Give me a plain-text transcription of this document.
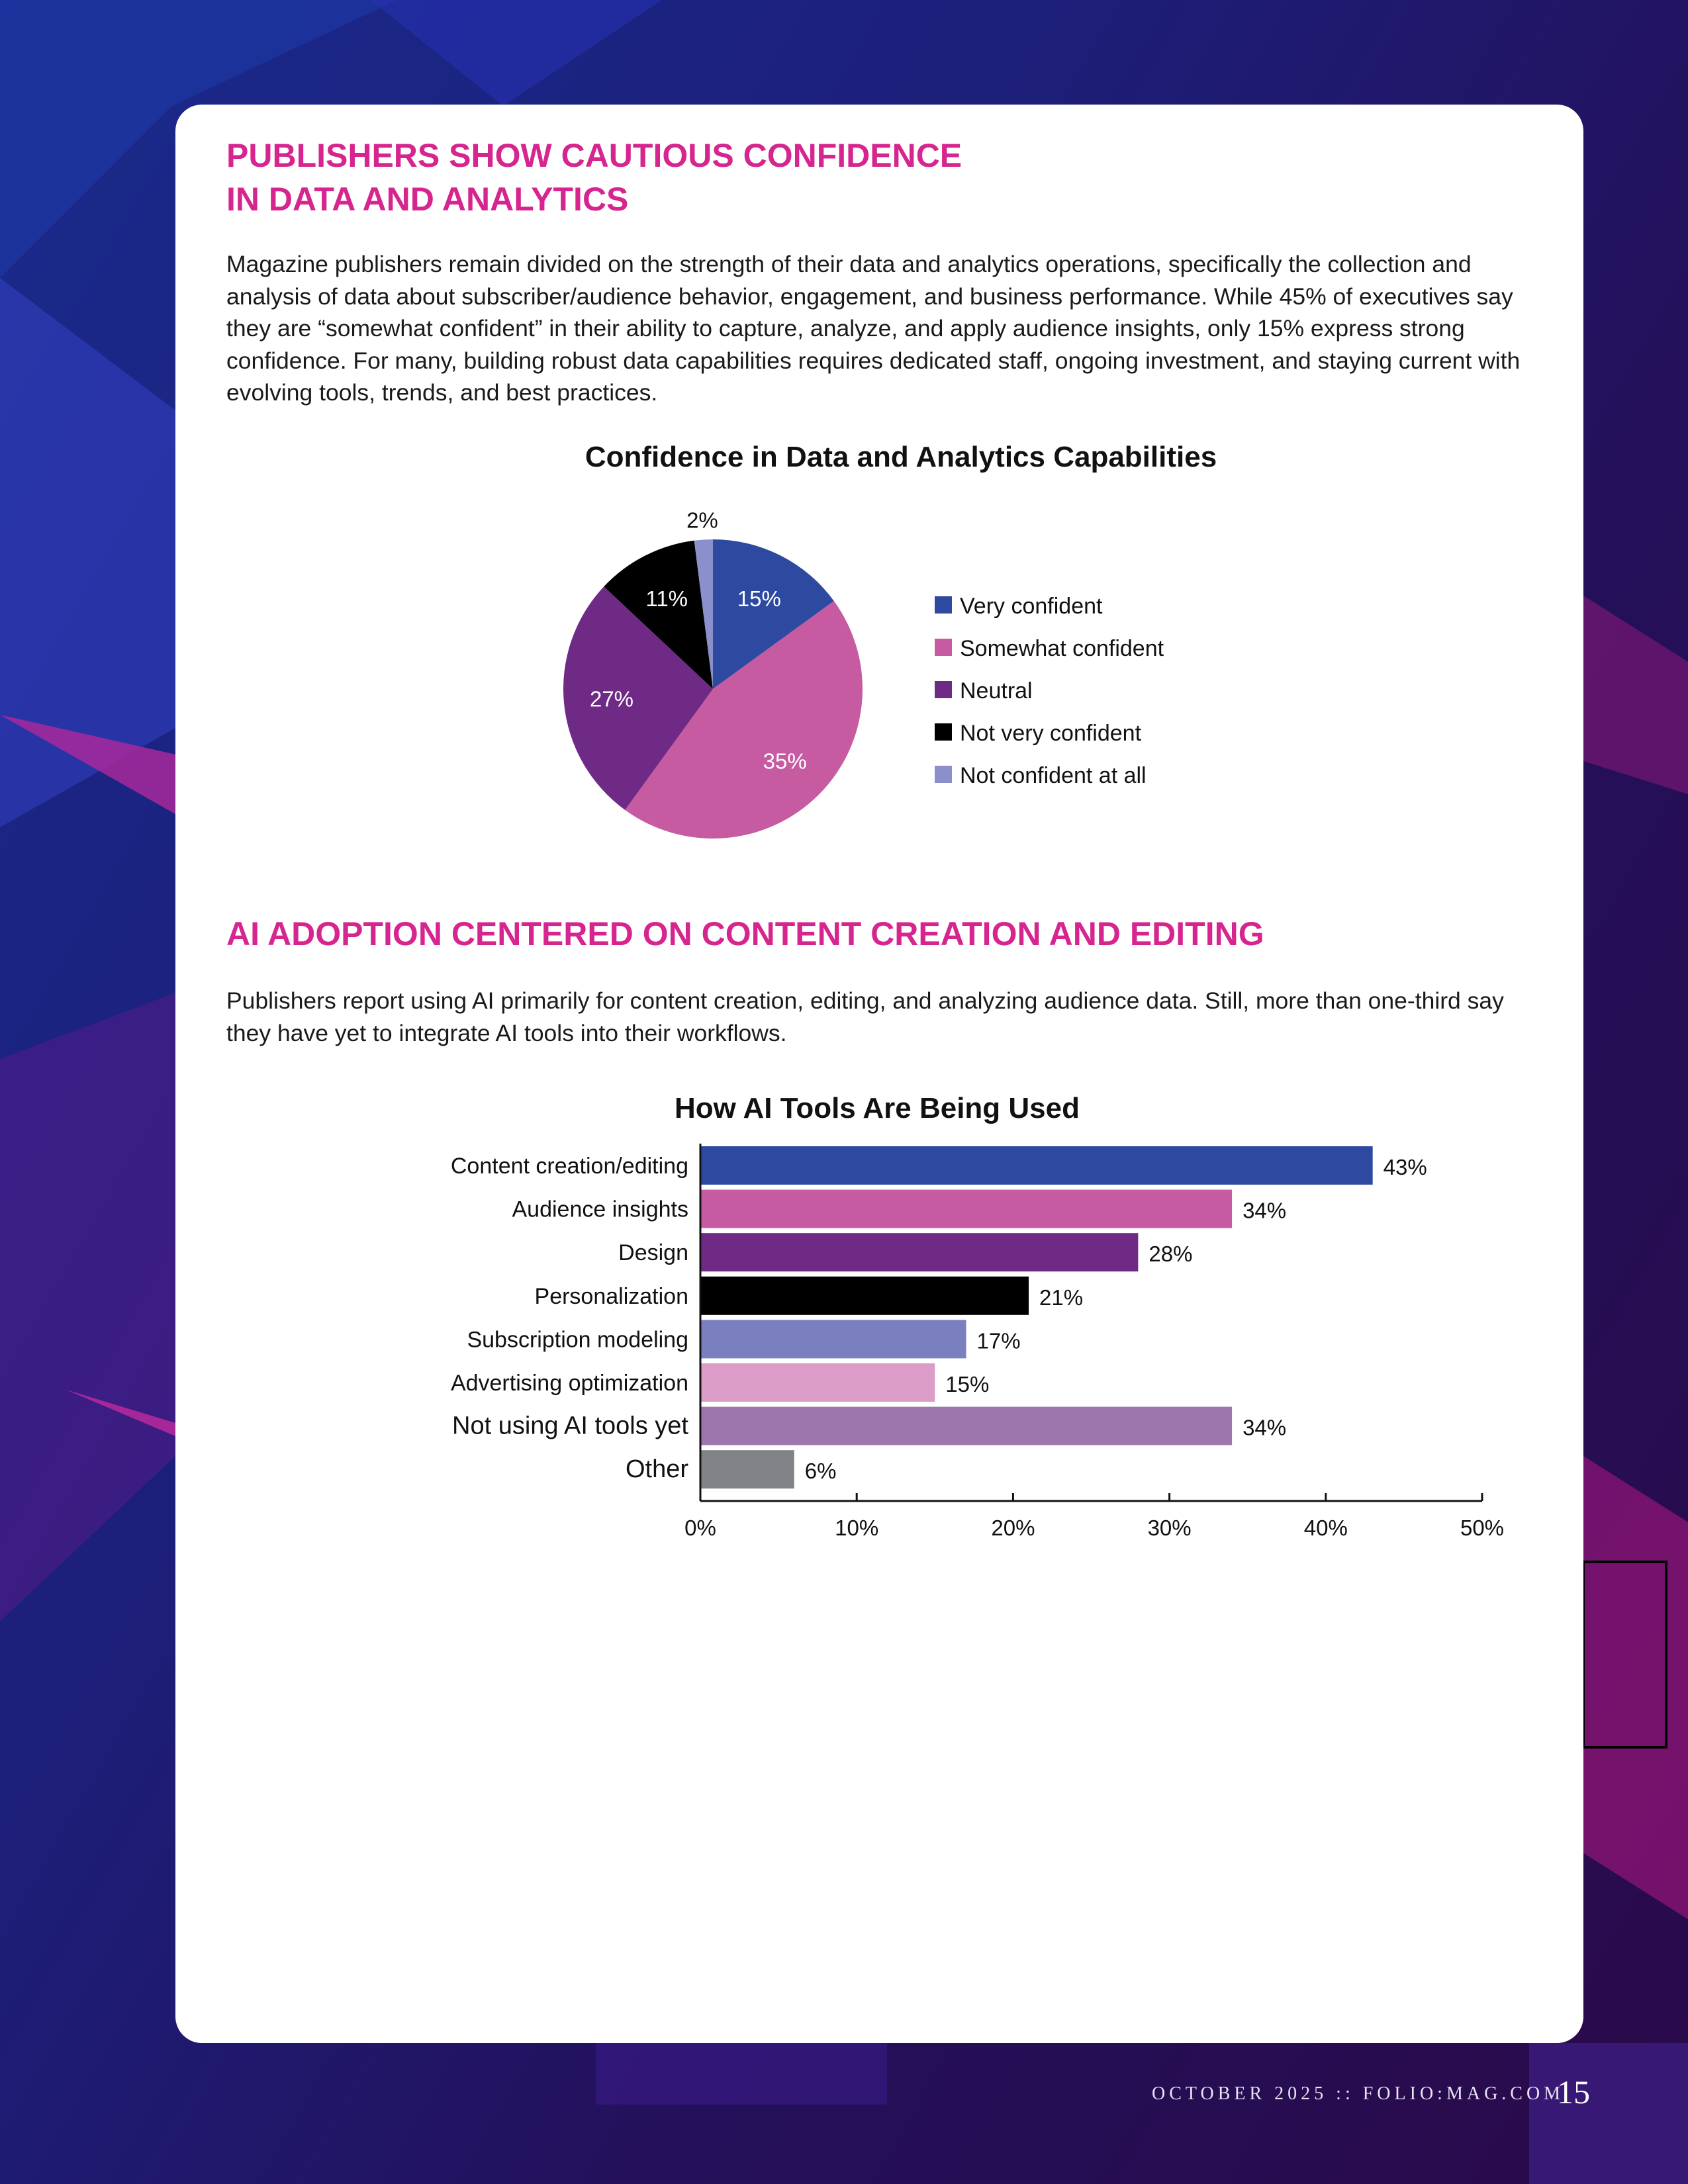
PUBLISHERS SHOW CAUTIOUS CONFIDENCE
IN DATA AND ANALYTICS

Magazine publishers remain divided on the strength of their data and analytics operations, specifically the collection and analysis of data about subscriber/audience behavior, engagement, and business performance. While 45% of executives say they are “somewhat confident” in their ability to capture, analyze, and apply audience insights, only 15% express strong confidence. For many, building robust data capabilities requires dedicated staff, ongoing investment, and staying current with evolving tools, trends, and best practices.

Confidence in Data and Analytics Capabilities
15%
35%
27%
11%
2%
Very confident
Somewhat confident
Neutral
Not very confident
Not confident at all
AI ADOPTION CENTERED ON CONTENT CREATION AND EDITING

Publishers report using AI primarily for content creation, editing, and analyzing audience data. Still, more than one-third say they have yet to integrate AI tools into their workflows.

How AI Tools Are Being Used
43%
Content creation/editing
34%
Audience insights
28%
Design
21%
Personalization
17%
Subscription modeling
15%
Advertising optimization
34%
Not using AI tools yet
6%
Other
0%	10%	20%	30%	40%	50%
OCTOBER 2025 :: FOLIO:MAG.COM
15
